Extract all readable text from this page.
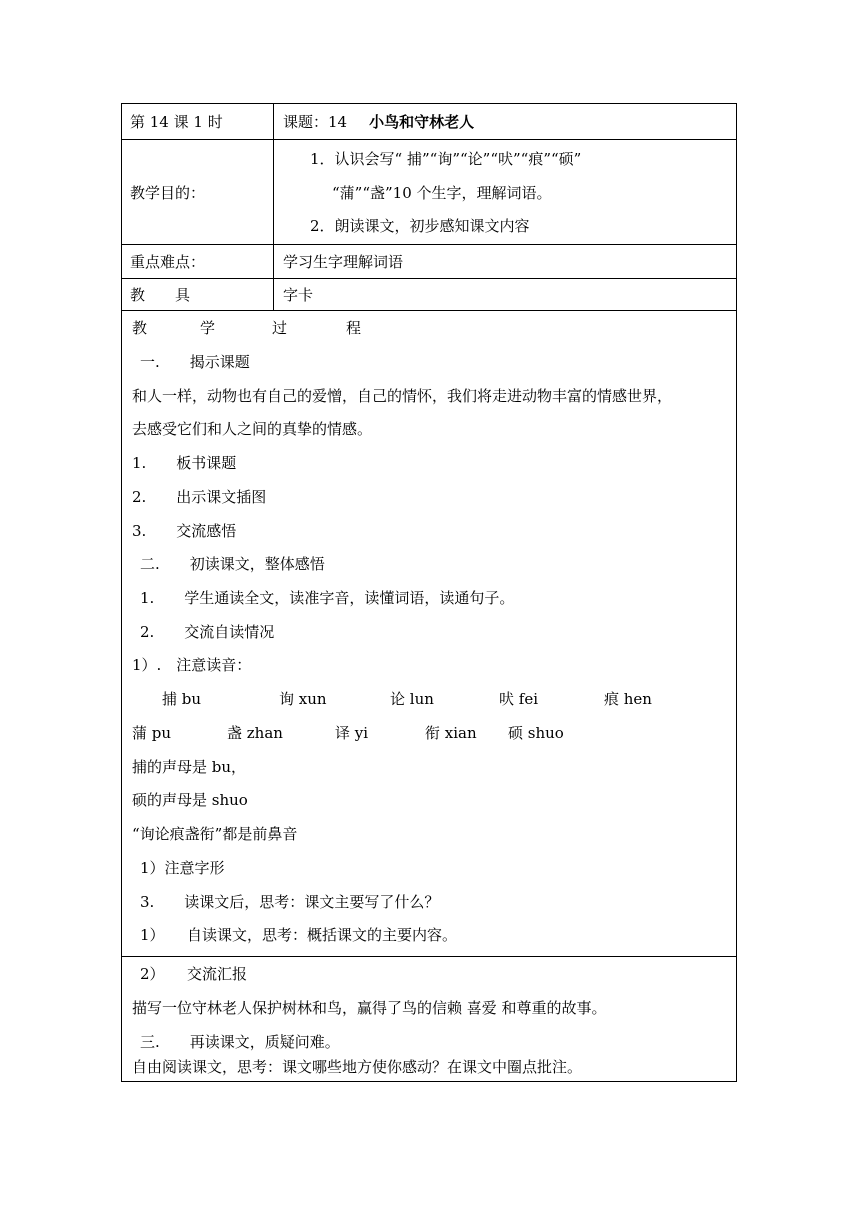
第 14 课 1 时	课题：14 小鸟和守林老人
教学目的：
1．认识会写“ 捕”“询”“论”“吠”“痕”“硕”
“蒲”“盏”10 个生字，理解词语。
2．朗读课文，初步感知课文内容
重点难点：	学习生字理解词语
教　　具	字卡
教	学	过	程
一.　　揭示课题
和人一样，动物也有自己的爱憎，自己的情怀，我们将走进动物丰富的情感世界，
去感受它们和人之间的真挚的情感。
1.　　板书课题
2.　　出示课文插图
3.　　交流感悟
二.　　初读课文，整体感悟
1.　　学生通读全文，读准字音，读懂词语，读通句子。
2.　　交流自读情况
1）.　注意读音：
捕 bu	询 xun	论 lun	吠 fei	痕 hen
蒲 pu	盏 zhan	译 yi	衔 xian 硕 shuo
捕的声母是 bu，
硕的声母是 shuo
“询论痕盏衔”都是前鼻音
1）注意字形
3.　　读课文后，思考：课文主要写了什么？
1）　　自读课文，思考：概括课文的主要内容。
2）　　交流汇报
描写一位守林老人保护树林和鸟，赢得了鸟的信赖 喜爱 和尊重的故事。
三.　　再读课文，质疑问难。
自由阅读课文，思考：课文哪些地方使你感动？在课文中圈点批注。
